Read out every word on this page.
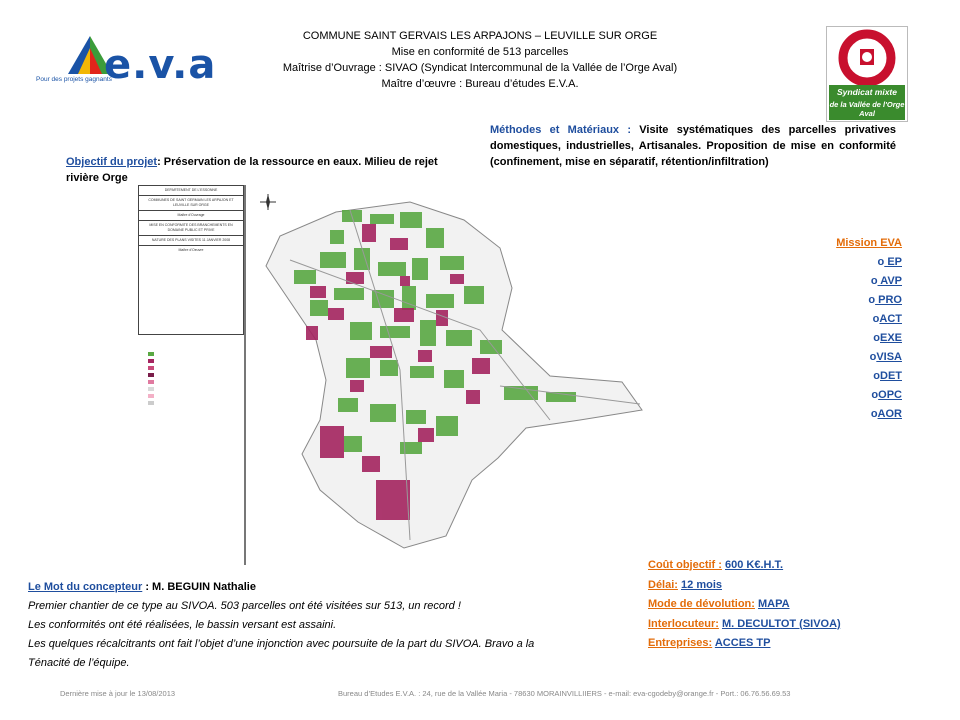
COMMUNE SAINT GERVAIS LES ARPAJONS – LEUVILLE SUR ORGE
Mise en conformité de 513 parcelles
Maîtrise d’Ouvrage : SIVAO (Syndicat Intercommunal de la Vallée de l’Orge Aval)
Maître d’œuvre : Bureau d’études E.V.A.
e.v.a
Pour des projets gagnants
Syndicat mixte
de la Vallée de l'Orge Aval
Objectif du projet: Préservation de la ressource en eaux. Milieu de rejet rivière Orge
Méthodes et Matériaux : Visite systématiques des parcelles privatives domestiques, industrielles, Artisanales. Proposition de mise en conformité (confinement, mise en séparatif, rétention/infiltration)
Mission EVA
o EP
o AVP
o PRO
oACT
oEXE
oVISA
oDET
oOPC
oAOR
DEPARTEMENT DE L'ESSONNE
COMMUNES DE SAINT GERMAIN LES ARPAJON ET LEUVILLE SUR ORGE
Maître d'Ouvrage
MISE EN CONFORMITE DES BRANCHEMENTS EN DOMAINE PUBLIC ET PRIVE
NATURE DES PLANS VISITES 11 JANVIER 2008
Maître d'Oeuvre
Le Mot du concepteur : M. BEGUIN Nathalie
Premier chantier de ce type au SIVOA. 503 parcelles ont été visitées sur 513, un record !
Les conformités ont été réalisées, le bassin versant est assaini.
Les quelques récalcitrants ont fait l’objet d’une injonction avec poursuite de la part du SIVOA. Bravo a la
Ténacité de l’équipe.
Coût objectif : 600 K€.H.T.
Délai: 12 mois
Mode de dévolution: MAPA
Interlocuteur: M. DECULTOT (SIVOA)
Entreprises: ACCES TP
Dernière mise à jour le 13/08/2013	Bureau d’Etudes E.V.A. : 24, rue de la Vallée Maria - 78630 MORAINVILLIIERS - e-mail: eva-cgodeby@orange.fr - Port.: 06.76.56.69.53
